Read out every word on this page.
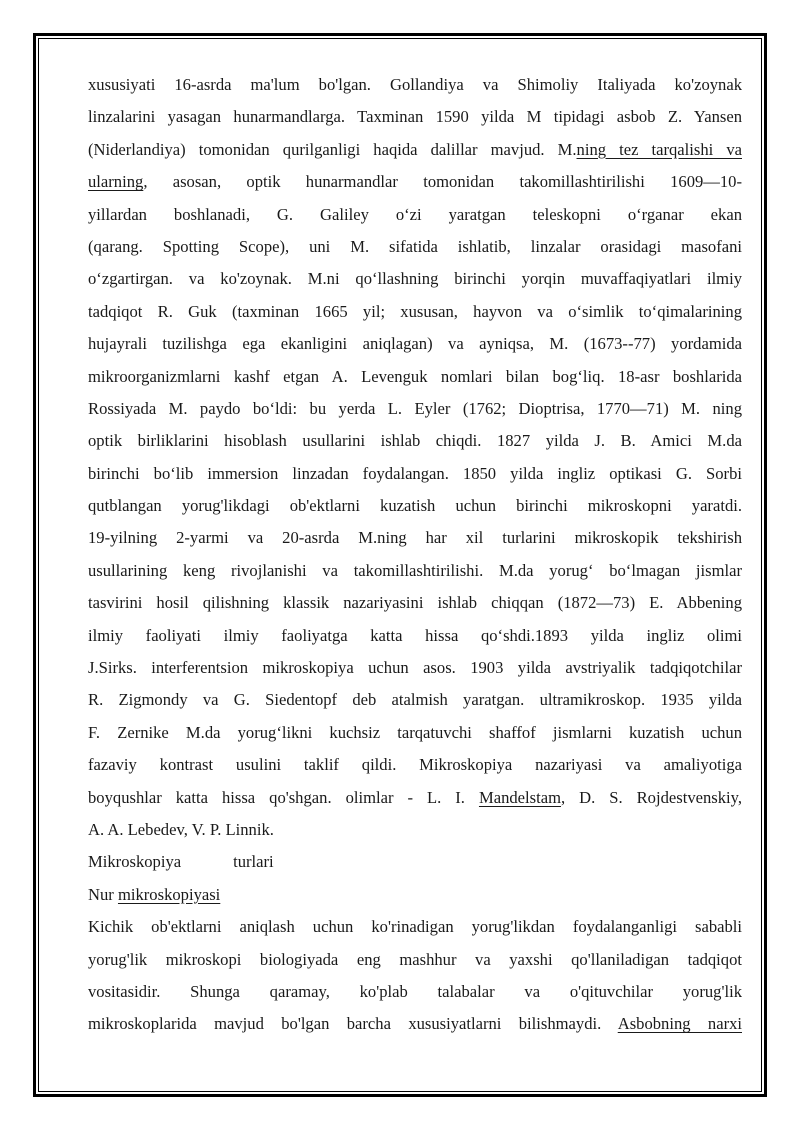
xususiyati 16-asrda ma'lum bo'lgan. Gollandiya va Shimoliy Italiyada ko'zoynak
linzalarini yasagan hunarmandlarga. Taxminan 1590 yilda M tipidagi asbob Z. Yansen
(Niderlandiya) tomonidan qurilganligi haqida dalillar mavjud. M.ning tez tarqalishi va
ularning, asosan, optik hunarmandlar tomonidan takomillashtirilishi 1609—10-
yillardan boshlanadi, G. Galiley o‘zi yaratgan teleskopni o‘rganar ekan
(qarang. Spotting Scope), uni M. sifatida ishlatib, linzalar orasidagi masofani
o‘zgartirgan. va ko'zoynak. M.ni qo‘llashning birinchi yorqin muvaffaqiyatlari ilmiy
tadqiqot R. Guk (taxminan 1665 yil; xususan, hayvon va o‘simlik to‘qimalarining
hujayrali tuzilishga ega ekanligini aniqlagan) va ayniqsa, M. (1673--77) yordamida
mikroorganizmlarni kashf etgan A. Levenguk nomlari bilan bog‘liq. 18-asr boshlarida
Rossiyada M. paydo bo‘ldi: bu yerda L. Eyler (1762; Dioptrisa, 1770—71) M. ning
optik birliklarini hisoblash usullarini ishlab chiqdi. 1827 yilda J. B. Amici M.da
birinchi bo‘lib immersion linzadan foydalangan. 1850 yilda ingliz optikasi G. Sorbi
qutblangan yorug'likdagi ob'ektlarni kuzatish uchun birinchi mikroskopni yaratdi.
19-yilning 2-yarmi va 20-asrda M.ning har xil turlarini mikroskopik tekshirish
usullarining keng rivojlanishi va takomillashtirilishi. M.da yorug‘ bo‘lmagan jismlar
tasvirini hosil qilishning klassik nazariyasini ishlab chiqqan (1872—73) E. Abbening
ilmiy faoliyati ilmiy faoliyatga katta hissa qo‘shdi.1893 yilda ingliz olimi
J.Sirks. interferentsion mikroskopiya uchun asos. 1903 yilda avstriyalik tadqiqotchilar
R. Zigmondy va G. Siedentopf deb atalmish yaratgan. ultramikroskop. 1935 yilda
F. Zernike M.da yorug‘likni kuchsiz tarqatuvchi shaffof jismlarni kuzatish uchun
fazaviy kontrast usulini taklif qildi. Mikroskopiya nazariyasi va amaliyotiga
boyqushlar katta hissa qo'shgan. olimlar - L. I. Mandelstam, D. S. Rojdestvenskiy,
A. A. Lebedev, V. P. Linnik.
Mikroskopiya	turlari
Nur mikroskopiyasi
Kichik ob'ektlarni aniqlash uchun ko'rinadigan yorug'likdan foydalanganligi sababli
yorug'lik mikroskopi biologiyada eng mashhur va yaxshi qo'llaniladigan tadqiqot
vositasidir. Shunga qaramay, ko'plab talabalar va o'qituvchilar yorug'lik
mikroskoplarida mavjud bo'lgan barcha xususiyatlarni bilishmaydi. Asbobning narxi
